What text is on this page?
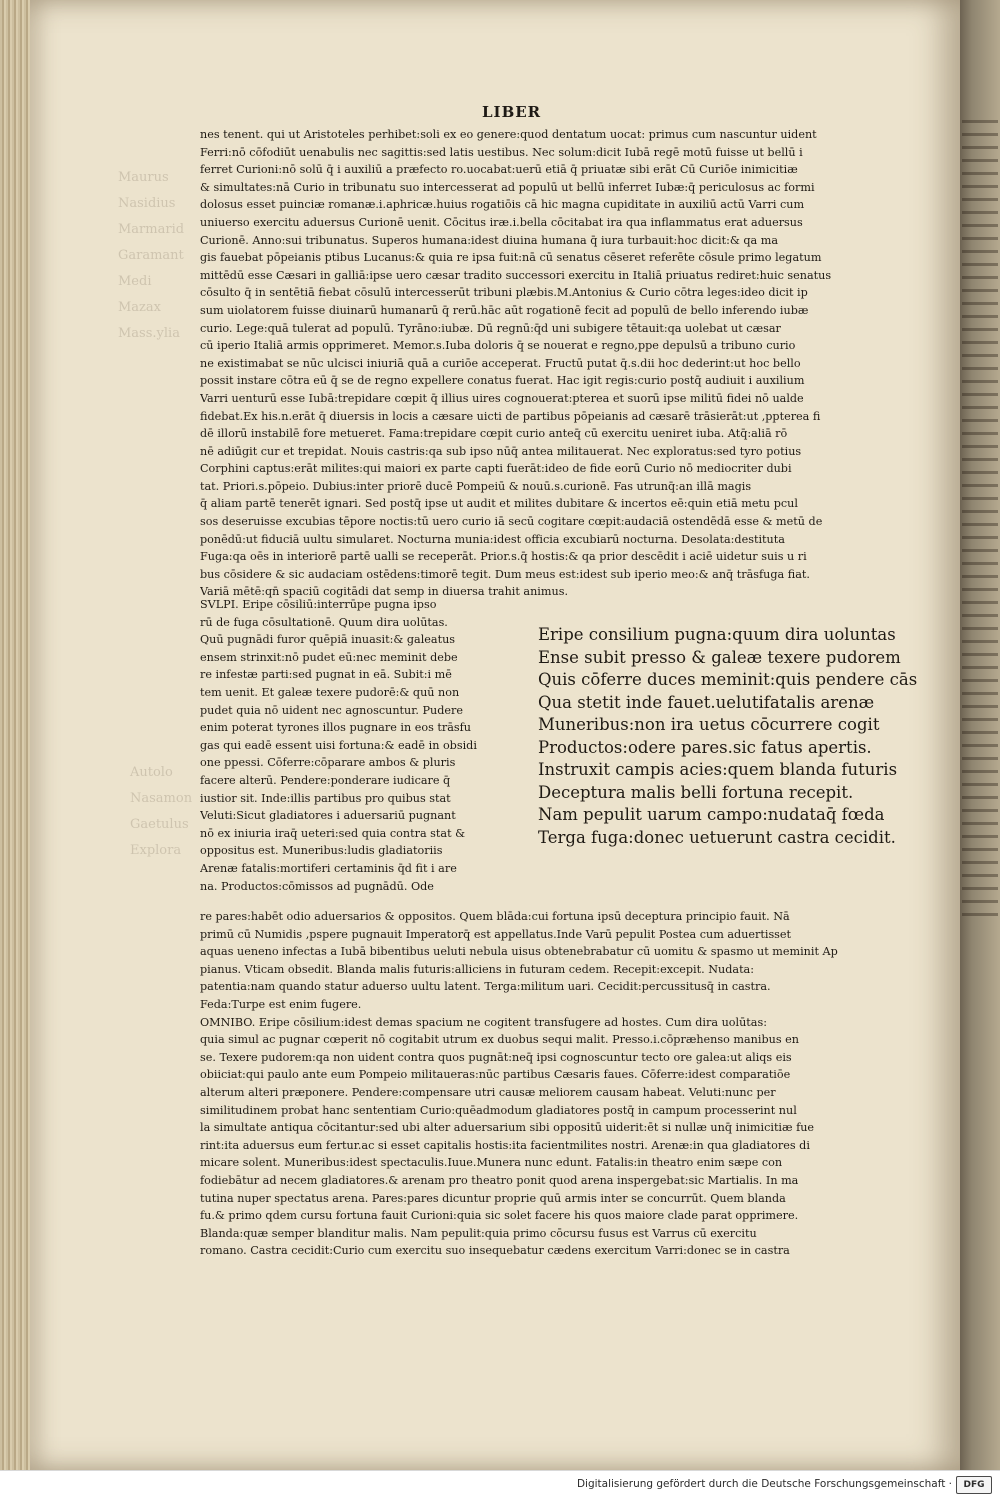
Maurus
Nasidius
Marmarid
Garamant
Medi
Mazax
Mass.ylia
Autolo
Nasamon
Gaetulus
Explora
LIBER
nes tenent. qui ut Aristoteles perhibet:soli ex eo genere:quod dentatum uocat: primus cum nascuntur uident
Ferri:nō cōfodiūt uenabulis nec sagittis:sed latis uestibus. Nec solum:dicit Iubā regē motū fuisse ut bellū i
ferret Curioni:nō solū q̄ i auxiliū a præfecto ro.uocabat:uerū etiā q̄ priuatæ sibi erāt Cū Curiōe inimicitiæ
& simultates:nā Curio in tribunatu suo intercesserat ad populū ut bellū inferret Iubæ:q̄ periculosus ac formi
dolosus esset puinciæ romanæ.i.aphricæ.huius rogatiōis cā hic magna cupiditate in auxiliū actū Varri cum
uniuerso exercitu aduersus Curionē uenit. Cōcitus iræ.i.bella cōcitabat ira qua inflammatus erat aduersus
Curionē. Anno:sui tribunatus. Superos humana:idest diuina humana q̄ iura turbauit:hoc dicit:& qa ma
gis fauebat pōpeianis ptibus Lucanus:& quia re ipsa fuit:nā cū senatus cēseret referēte cōsule primo legatum
mittēdū esse Cæsari in galliā:ipse uero cæsar tradito successori exercitu in Italiā priuatus rediret:huic senatus
cōsulto q̄ in sentētiā fiebat cōsulū intercesserūt tribuni plæbis.M.Antonius & Curio cōtra leges:ideo dicit ip
sum uiolatorem fuisse diuinarū humanarū q̄ rerū.hāc aūt rogationē fecit ad populū de bello inferendo iubæ
curio. Lege:quā tulerat ad populū. Tyrāno:iubæ. Dū regnū:q̄d uni subigere tētauit:qa uolebat ut cæsar
cū iperio Italiā armis opprimeret. Memor.s.Iuba doloris q̄ se nouerat e regno,ppe depulsū a tribuno curio
ne existimabat se nūc ulcisci iniuriā quā a curiōe acceperat. Fructū putat q̄.s.dii hoc dederint:ut hoc bello
possit instare cōtra eū q̄ se de regno expellere conatus fuerat. Hac igit regis:curio postq̄ audiuit i auxilium
Varri uenturū esse Iubā:trepidare cœpit q̄ illius uires cognouerat:pterea et suorū ipse militū fidei nō ualde
fidebat.Ex his.n.erāt q̄ diuersis in locis a cæsare uicti de partibus pōpeianis ad cæsarē trāsierāt:ut ,ppterea fi
dē illorū instabilē fore metueret. Fama:trepidare cœpit curio anteq̄ cū exercitu ueniret iuba. Atq̄:aliā rō
nē adiūgit cur et trepidat. Nouis castris:qa sub ipso nūq̄ antea militauerat. Nec exploratus:sed tyro potius
Corphini captus:erāt milites:qui maiori ex parte capti fuerāt:ideo de fide eorū Curio nō mediocriter dubi
tat. Priori.s.pōpeio. Dubius:inter priorē ducē Pompeiū & nouū.s.curionē. Fas utrunq̄:an illā magis
q̄ aliam partē tenerēt ignari. Sed postq̄ ipse ut audit et milites dubitare & incertos eē:quin etiā metu pcul
sos deseruisse excubias tēpore noctis:tū uero curio iā secū cogitare cœpit:audaciā ostendēdā esse & metū de
ponēdū:ut fiduciā uultu simularet. Nocturna munia:idest officia excubiarū nocturna. Desolata:destituta
Fuga:qa oēs in interiorē partē ualli se receperāt. Prior.s.q̄ hostis:& qa prior descēdit i aciē uidetur suis u ri
bus cōsidere & sic audaciam ostēdens:timorē tegit. Dum meus est:idest sub iperio meo:& anq̄ trāsfuga fiat.
Variā mētē:qn̄ spaciū cogitādi dat semp in diuersa trahit animus.
SVLPI. Eripe cōsiliū:interrūpe pugna ipso
rū de fuga cōsultationē. Quum dira uolūtas.
Quū pugnādi furor quēpiā inuasit:& galeatus
ensem strinxit:nō pudet eū:nec meminit debe
re infestæ parti:sed pugnat in eā. Subit:i mē
tem uenit. Et galeæ texere pudorē:& quū non
pudet quia nō uident nec agnoscuntur. Pudere
enim poterat tyrones illos pugnare in eos trāsfu
gas qui eadē essent uisi fortuna:& eadē in obsidi
one ppessi. Cōferre:cōparare ambos & pluris
facere alterū. Pendere:ponderare iudicare q̄
iustior sit. Inde:illis partibus pro quibus stat
Veluti:Sicut gladiatores i aduersariū pugnant
nō ex iniuria iraq̄ ueteri:sed quia contra stat &
oppositus est. Muneribus:ludis gladiatoriis
Arenæ fatalis:mortiferi certaminis q̄d fit i are
na. Productos:cōmissos ad pugnādū. Ode
Eripe consilium pugna:quum dira uoluntas
Ense subit presso & galeæ texere pudorem
Quis cōferre duces meminit:quis pendere cās
Qua stetit inde fauet.uelutifatalis arenæ
Muneribus:non ira uetus cōcurrere cogit
Productos:odere pares.sic fatus apertis.
Instruxit campis acies:quem blanda futuris
Deceptura malis belli fortuna recepit.
Nam pepulit uarum campo:nudataq̄ fœda
Terga fuga:donec uetuerunt castra cecidit.
re pares:habēt odio aduersarios & oppositos. Quem blāda:cui fortuna ipsū deceptura principio fauit. Nā
primū cū Numidis ,pspere pugnauit Imperatorq̄ est appellatus.Inde Varū pepulit Postea cum aduertisset
aquas ueneno infectas a Iubā bibentibus ueluti nebula uisus obtenebrabatur cū uomitu & spasmo ut meminit Ap
pianus. Vticam obsedit. Blanda malis futuris:alliciens in futuram cedem. Recepit:excepit. Nudata:
patentia:nam quando statur aduerso uultu latent. Terga:militum uari. Cecidit:percussitusq̄ in castra.
Feda:Turpe est enim fugere.
OMNIBO. Eripe cōsilium:idest demas spacium ne cogitent transfugere ad hostes. Cum dira uolūtas:
quia simul ac pugnar cœperit nō cogitabit utrum ex duobus sequi malit. Presso.i.cōpræhenso manibus en
se. Texere pudorem:qa non uident contra quos pugnāt:neq̄ ipsi cognoscuntur tecto ore galea:ut aliqs eis
obiiciat:qui paulo ante eum Pompeio militaueras:nūc partibus Cæsaris faues. Cōferre:idest comparatiōe
alterum alteri præponere. Pendere:compensare utri causæ meliorem causam habeat. Veluti:nunc per
similitudinem probat hanc sententiam Curio:quēadmodum gladiatores postq̄ in campum processerint nul
la simultate antiqua cōcitantur:sed ubi alter aduersarium sibi oppositū uiderit:ēt si nullæ unq̄ inimicitiæ fue
rint:ita aduersus eum fertur.ac si esset capitalis hostis:ita facientmilites nostri. Arenæ:in qua gladiatores di
micare solent. Muneribus:idest spectaculis.Iuue.Munera nunc edunt. Fatalis:in theatro enim sæpe con
fodiebātur ad necem gladiatores.& arenam pro theatro ponit quod arena inspergebat:sic Martialis. In ma
tutina nuper spectatus arena. Pares:pares dicuntur proprie quū armis inter se concurrūt. Quem blanda
fu.& primo qdem cursu fortuna fauit Curioni:quia sic solet facere his quos maiore clade parat opprimere.
Blanda:quæ semper blanditur malis. Nam pepulit:quia primo cōcursu fusus est Varrus cū exercitu
romano. Castra cecidit:Curio cum exercitu suo insequebatur cædens exercitum Varri:donec se in castra
Digitalisierung gefördert durch die Deutsche Forschungsgemeinschaft ·	DFG
